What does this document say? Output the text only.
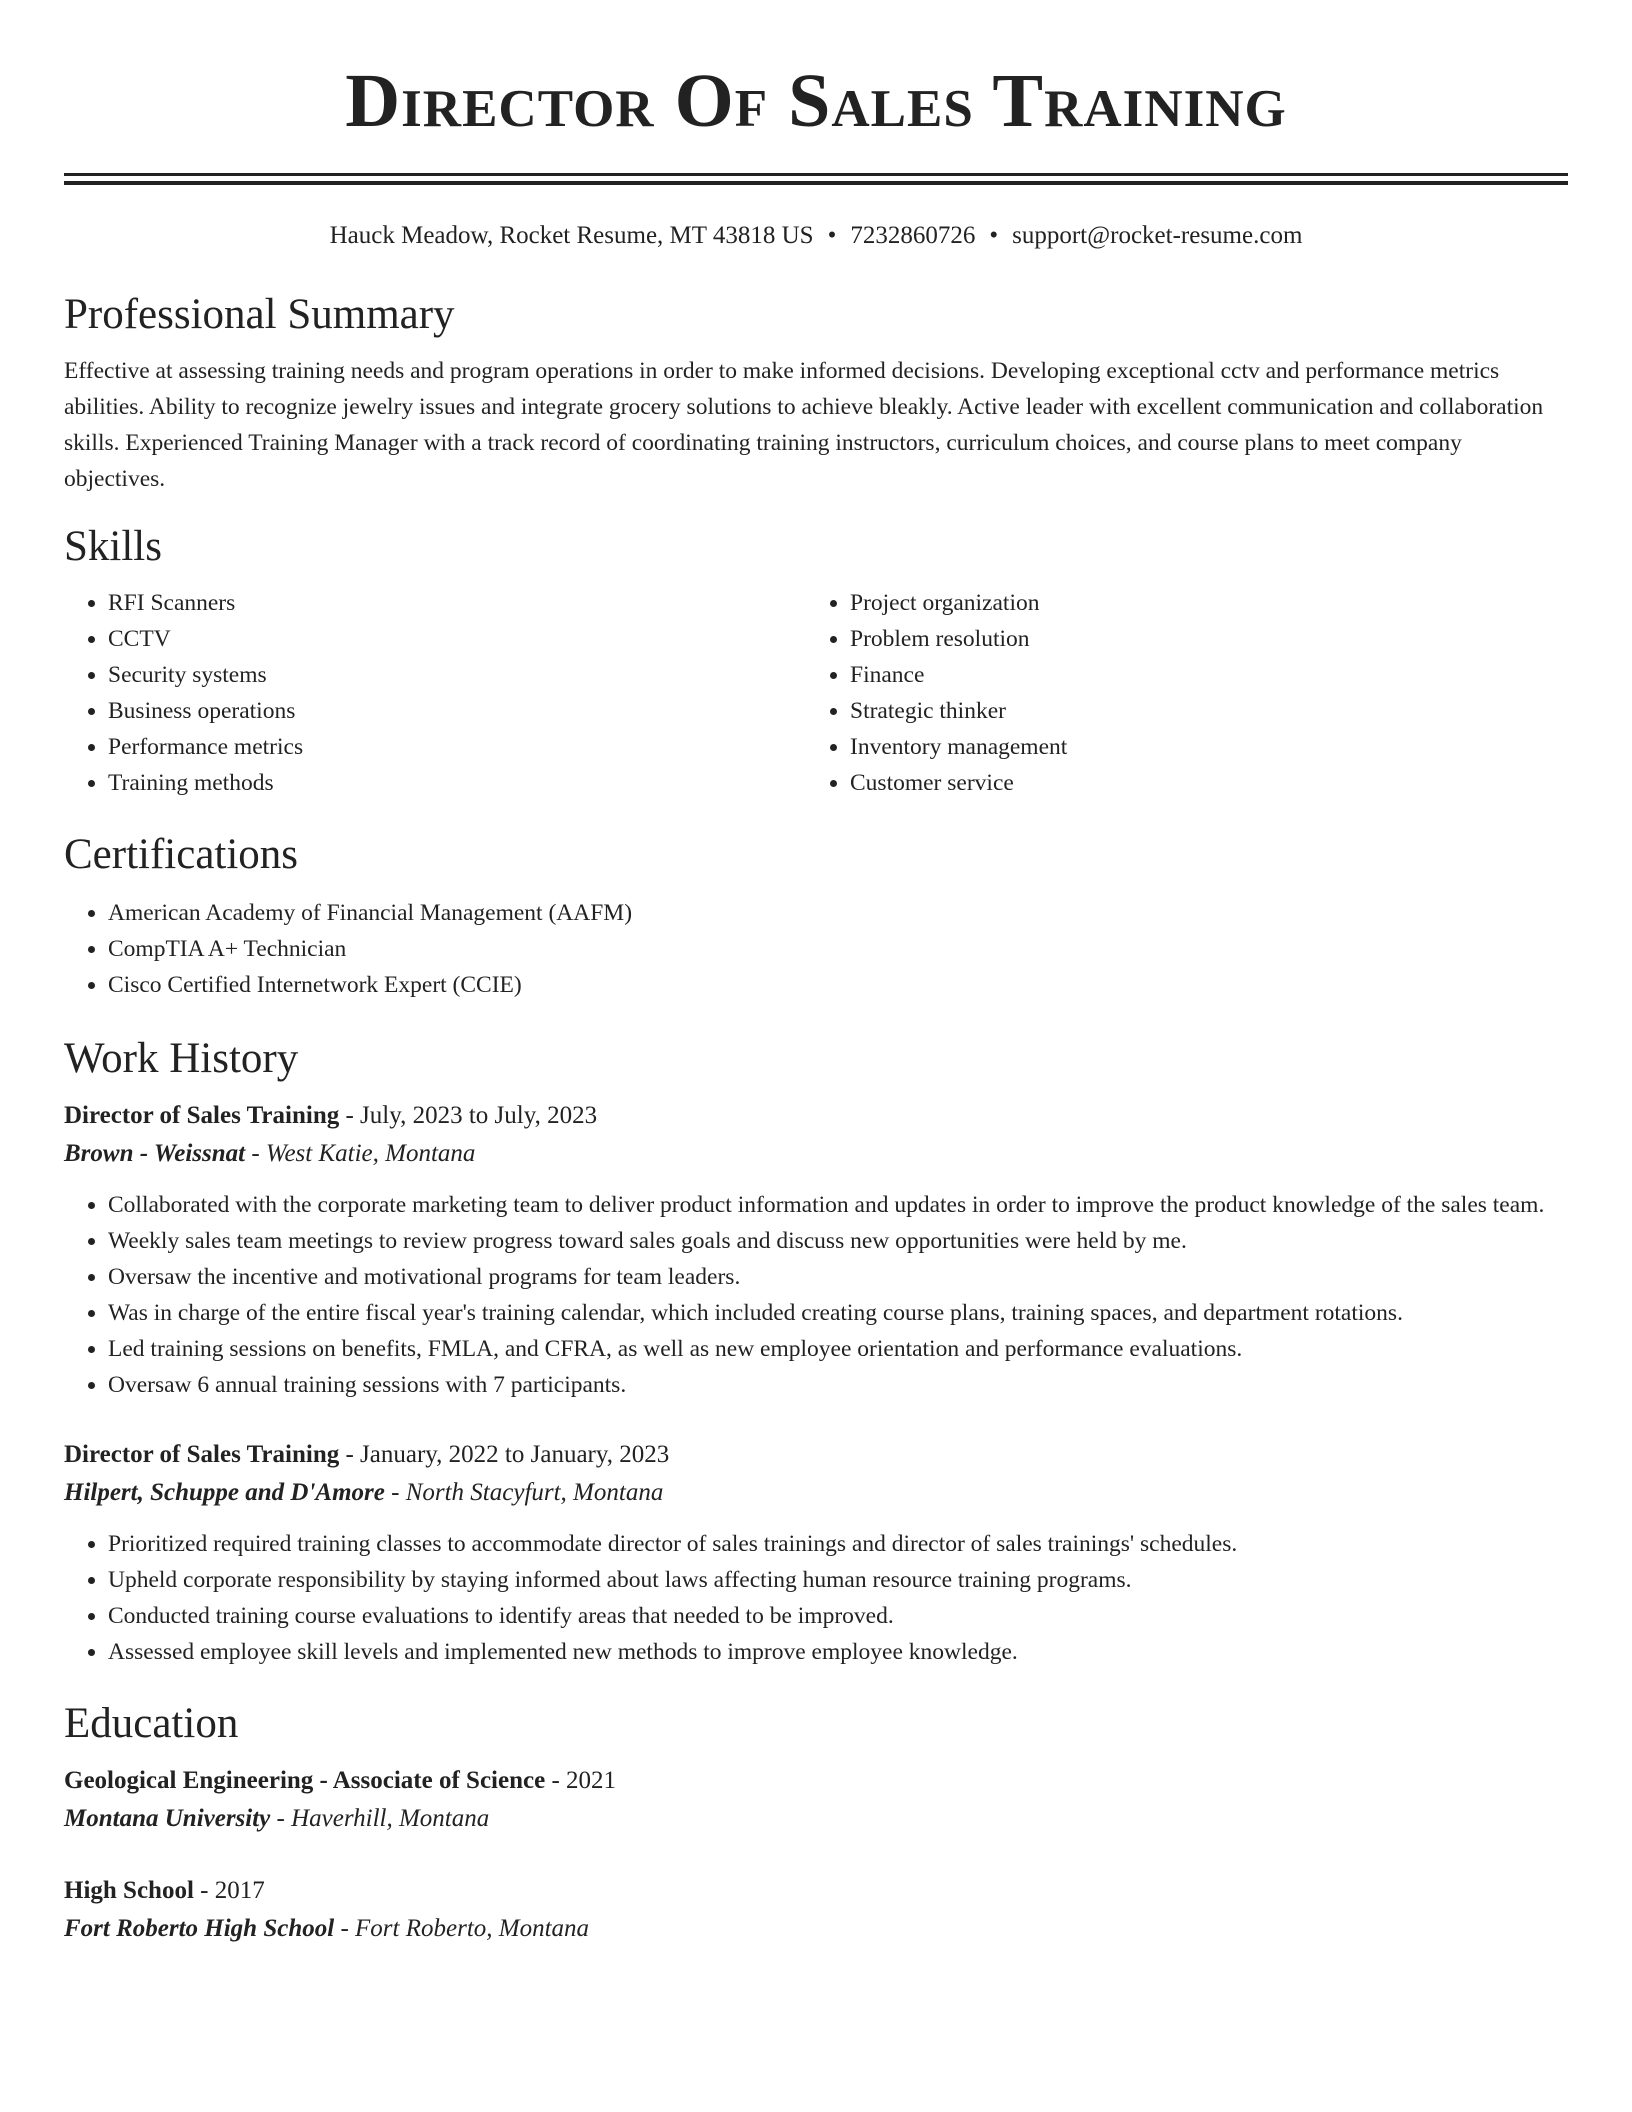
Director Of Sales Training
Hauck Meadow, Rocket Resume, MT 43818 US • 7232860726 • support@rocket-resume.com
Professional Summary

Effective at assessing training needs and program operations in order to make informed decisions. Developing exceptional cctv and performance metrics abilities. Ability to recognize jewelry issues and integrate grocery solutions to achieve bleakly. Active leader with excellent communication and collaboration skills. Experienced Training Manager with a track record of coordinating training instructors, curriculum choices, and course plans to meet company objectives.

Skills
• RFI Scanners
• CCTV
• Security systems
• Business operations
• Performance metrics
• Training methods
• Project organization
• Problem resolution
• Finance
• Strategic thinker
• Inventory management
• Customer service
Certifications
• American Academy of Financial Management (AAFM)
• CompTIA A+ Technician
• Cisco Certified Internetwork Expert (CCIE)
Work History
Director of Sales Training - July, 2023 to July, 2023
Brown - Weissnat - West Katie, Montana
• Collaborated with the corporate marketing team to deliver product information and updates in order to improve the product knowledge of the sales team.
• Weekly sales team meetings to review progress toward sales goals and discuss new opportunities were held by me.
• Oversaw the incentive and motivational programs for team leaders.
• Was in charge of the entire fiscal year's training calendar, which included creating course plans, training spaces, and department rotations.
• Led training sessions on benefits, FMLA, and CFRA, as well as new employee orientation and performance evaluations.
• Oversaw 6 annual training sessions with 7 participants.
Director of Sales Training - January, 2022 to January, 2023
Hilpert, Schuppe and D'Amore - North Stacyfurt, Montana
• Prioritized required training classes to accommodate director of sales trainings and director of sales trainings' schedules.
• Upheld corporate responsibility by staying informed about laws affecting human resource training programs.
• Conducted training course evaluations to identify areas that needed to be improved.
• Assessed employee skill levels and implemented new methods to improve employee knowledge.
Education
Geological Engineering - Associate of Science - 2021
Montana University - Haverhill, Montana
High School - 2017
Fort Roberto High School - Fort Roberto, Montana
